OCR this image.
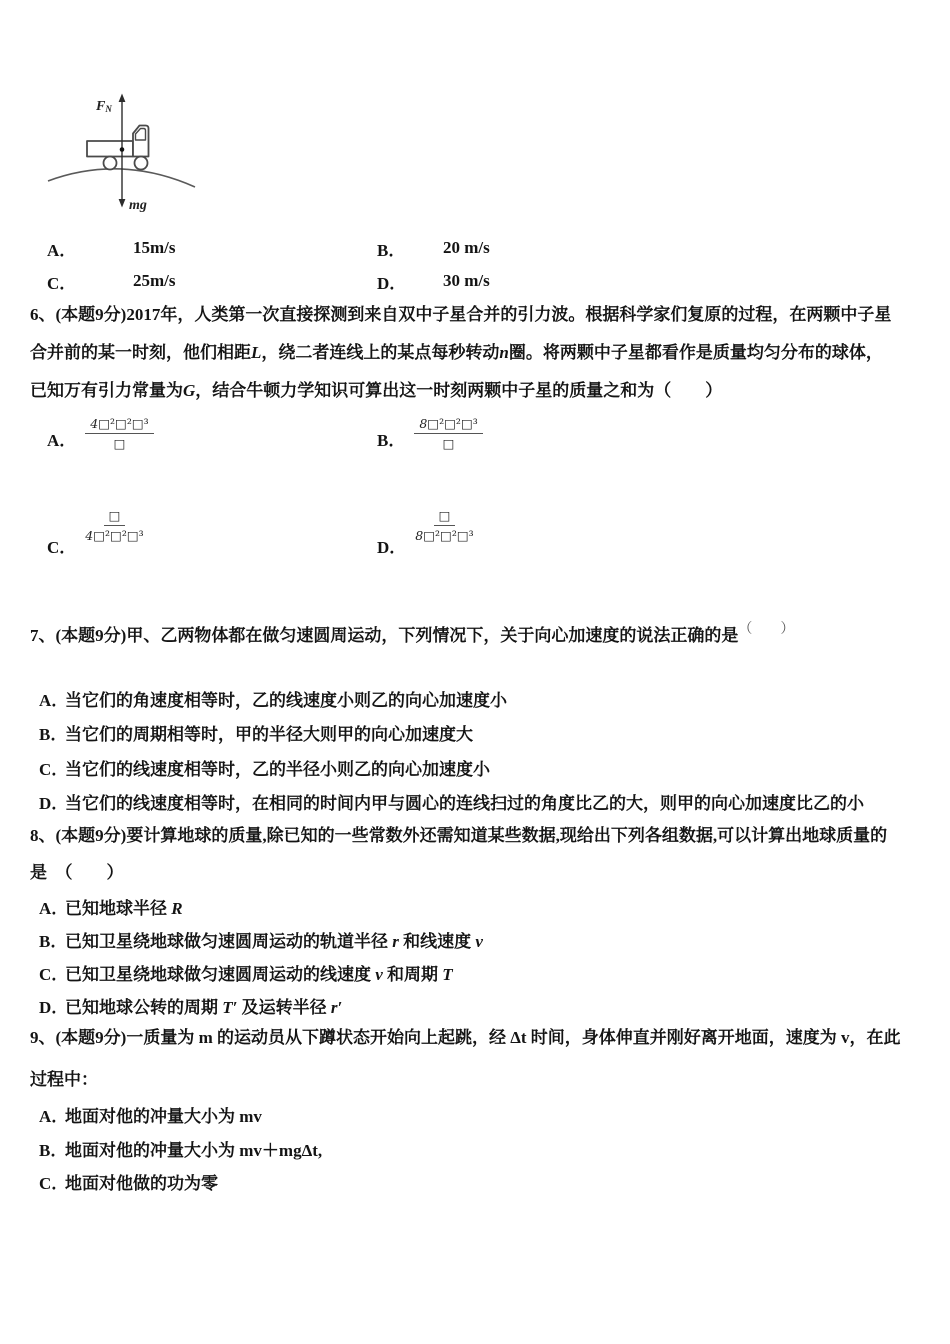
FN
mg
A．	15m/s	B．	20 m/s
C．	25m/s	D．	30 m/s
6、(本题9分)2017年，人类第一次直接探测到来自双中子星合并的引力波。根据科学家们复原的过程，在两颗中子星
合并前的某一时刻，他们相距L，绕二者连线上的某点每秒转动n圈。将两颗中子星都看作是质量均匀分布的球体，
已知万有引力常量为G，结合牛顿力学知识可算出这一时刻两颗中子星的质量之和为（　　）
A． $\frac{\text{4□²□²□³}}{□}$	B． $\frac{\text{8□²□²□³}}{□}$
C．
$\frac{□}{\text{4□²□²□³}}$
D．
$\frac{□}{\text{8□²□²□³}}$
7、(本题9分)甲、乙两物体都在做匀速圆周运动，下列情况下，关于向心加速度的说法正确的是（　　）
A．
当它们的角速度相等时，乙的线速度小则乙的向心加速度小
B．
当它们的周期相等时，甲的半径大则甲的向心加速度大
C．
当它们的线速度相等时，乙的半径小则乙的向心加速度小
D．
当它们的线速度相等时，在相同的时间内甲与圆心的连线扫过的角度比乙的大，则甲的向心加速度比乙的小
8、(本题9分)要计算地球的质量,除已知的一些常数外还需知道某些数据,现给出下列各组数据,可以计算出地球质量的
是　（　　）
A．
已知地球半径 R
B．
已知卫星绕地球做匀速圆周运动的轨道半径 r 和线速度 v
C．
已知卫星绕地球做匀速圆周运动的线速度 v 和周期 T
D．
已知地球公转的周期 T′ 及运转半径 r′
9、(本题9分)一质量为 m 的运动员从下蹲状态开始向上起跳，经 Δt 时间，身体伸直并刚好离开地面，速度为 v，在此
过程中：
A．
地面对他的冲量大小为 mv
B．
地面对他的冲量大小为 mv＋mgΔt,
C．
地面对他做的功为零
